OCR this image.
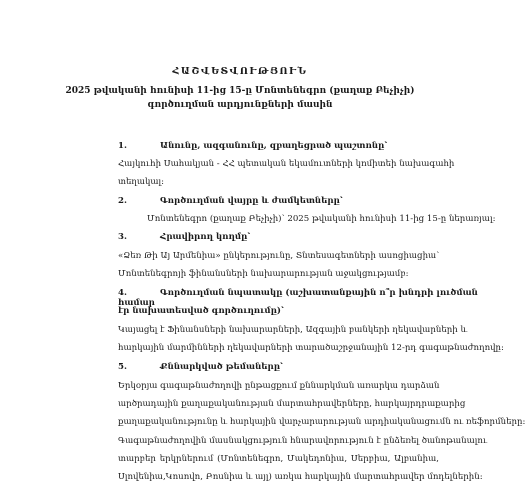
ՀԱՇՎԵՏՎՈՒԹՅՈՒՆ
2025 թվականի հունիսի 11-ից 15-ը Մոնտենեգրո (քաղաք Բեչիչի)
գործուղման արդյունքների մասին
1.	Անունը, ազգանունը, զբաղեցրած պաշտոնը՝
Հայկուհի Սահակյան - ՀՀ պետական եկամուտների կոմիտեի նախագահի
տեղակալ:
2.	Գործուղման վայրը և ժամկետները՝
Մոնտենեգրո (քաղաք Բեչիչի)՝ 2025 թվականի հունիսի 11-ից 15-ը ներառյալ:
3.	Հրավիրող կողմը՝
«Ձեռ Թի Այ Արմենիա» ընկերությունը, Տնտեսագետների ասոցիացիա՝
Մոնտենեգրոյի ֆինանսների նախարարության աջակցությամբ:
4.	Գործուղման նպատակը (աշխատանքային ո՞ր խնդրի լուծման համար
էր նախատեսված գործուղումը)՝
Կայացել է Ֆինանսների նախարարների, Ազգային բանկերի ղեկավարների և
հարկային մարմինների ղեկավարների տարածաշրջանային 12-րդ գագաթնաժողովը:
5.	Քննարկված թեմաները՝
Երկօրյա գագաթնաժողովի ընթացքում քննարկման առարկա դարձան
արծրադային քաղաքականության մարտահրավերները, հարկայրդրաքարից
քաղաքականությունը և հարկային վարչարարության արդիականացումն ու ռեֆորմները:
Գագաթնաժողովին մասնակցություն հնարավորություն է ընձեռել ծանոթանալու
տարբեր երկրներում (Մոնտենեգրո, Մակեդոնիա, Սերբիա, Ալբանիա,
Սլովենիա,Կոսովո, Բոսնիա և այլ) առկա հարկային մարտահրավեր մոդելներին:
